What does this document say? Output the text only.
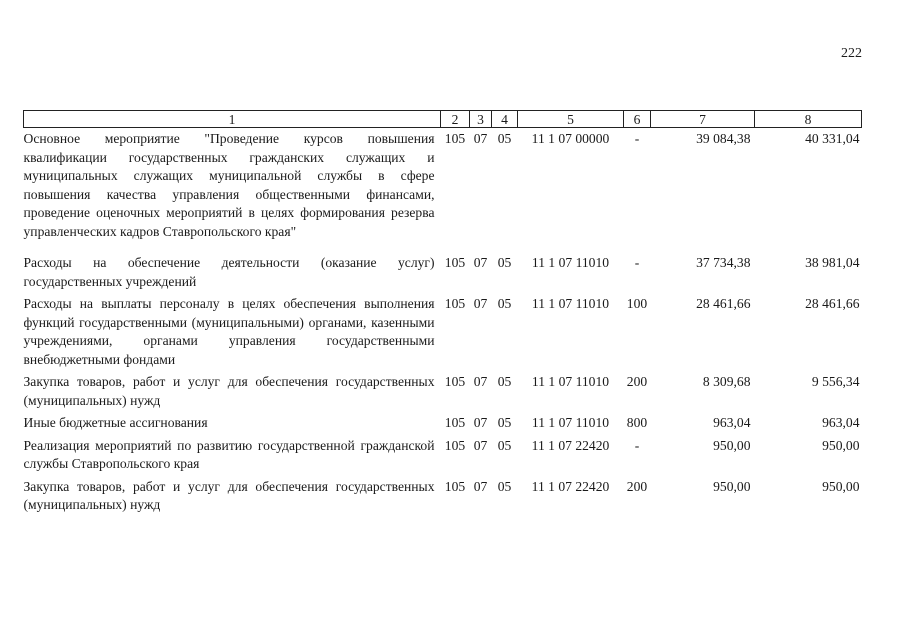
222
1	2	3	4	5	6	7	8
Основное мероприятие "Проведение курсов повышения квалификации государственных гражданских служащих и муниципальных служащих муниципальной службы в сфере повышения качества управления общественными финансами, проведение оценочных мероприятий в целях формирования резерва управленческих кадров Ставропольского края"	105	07	05	11 1 07 00000	-	39 084,38	40 331,04
Расходы на обеспечение деятельности (оказание услуг) государственных учреждений	105	07	05	11 1 07 11010	-	37 734,38	38 981,04
Расходы на выплаты персоналу в целях обеспечения выполнения функций государственными (муниципальными) органами, казенными учреждениями, органами управления государственными внебюджетными фондами	105	07	05	11 1 07 11010	100	28 461,66	28 461,66
Закупка товаров, работ и услуг для обеспечения государственных (муниципальных) нужд	105	07	05	11 1 07 11010	200	8 309,68	9 556,34
Иные бюджетные ассигнования	105	07	05	11 1 07 11010	800	963,04	963,04
Реализация мероприятий по развитию государственной гражданской службы Ставропольского края	105	07	05	11 1 07 22420	-	950,00	950,00
Закупка товаров, работ и услуг для обеспечения государственных (муниципальных) нужд	105	07	05	11 1 07 22420	200	950,00	950,00
